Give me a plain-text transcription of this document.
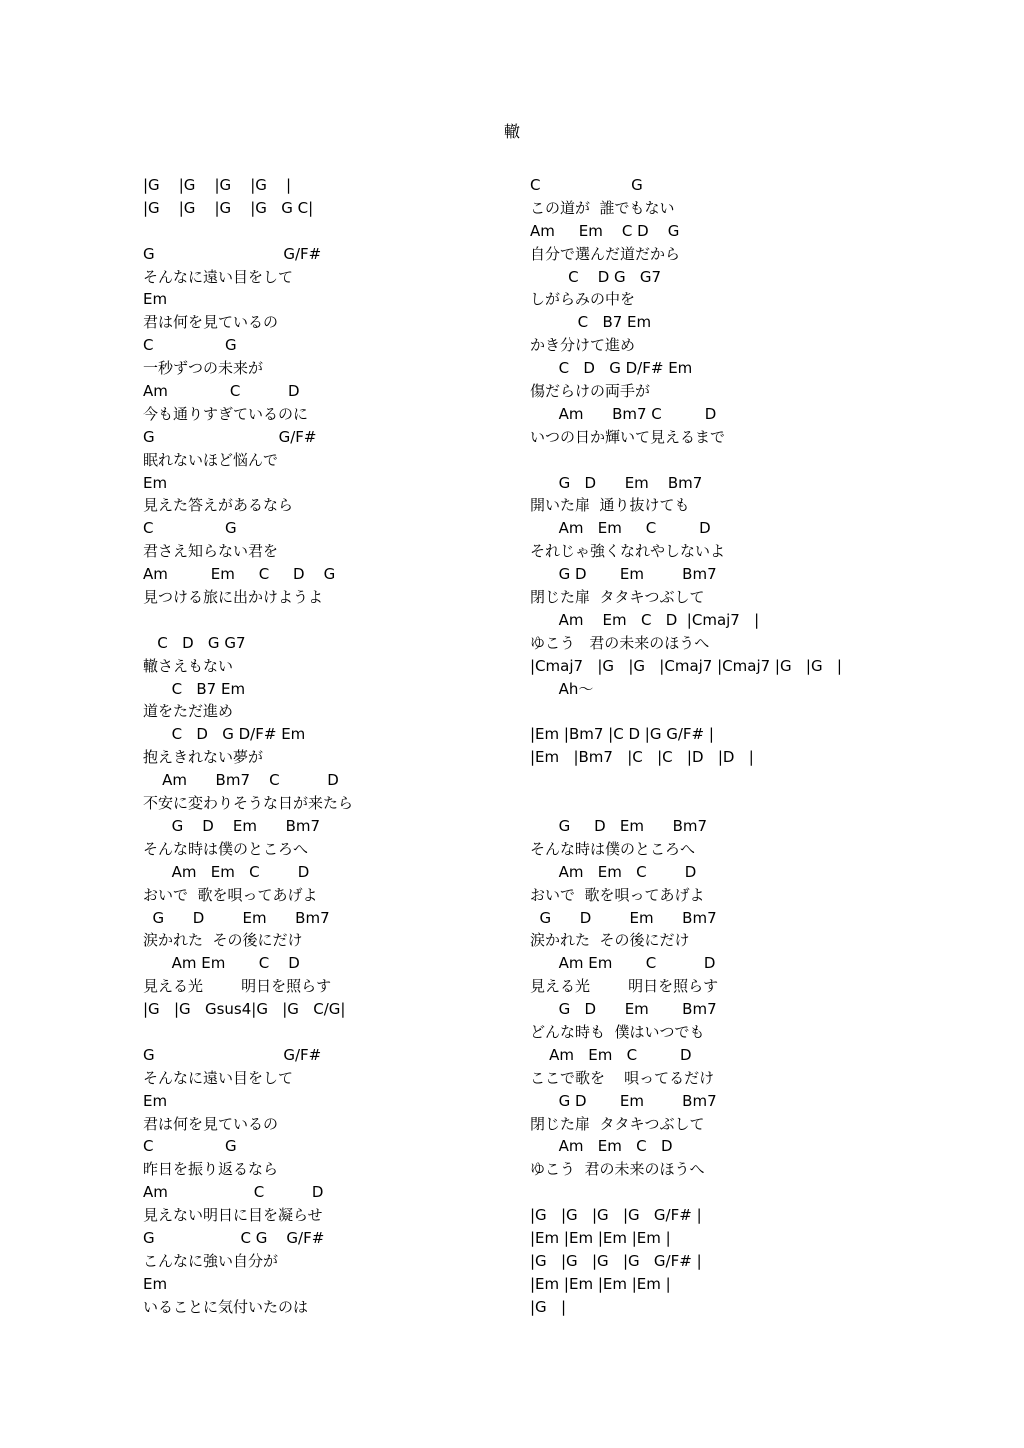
轍
|G    |G    |G    |G    |
|G    |G    |G    |G   G C|
G                           G/F#
そんなに遠い目をして
Em
君は何を見ているの
C               G
一秒ずつの未来が
Am             C          D
今も通りすぎているのに
G                          G/F#
眠れないほど悩んで
Em
見えた答えがあるなら
C               G
君さえ知らない君を
Am         Em     C     D    G
見つける旅に出かけようよ
C   D   G G7
轍さえもない
C   B7 Em
道をただ進め
C   D   G D/F# Em
抱えきれない夢が
Am      Bm7    C          D
不安に変わりそうな日が来たら
G    D    Em      Bm7
そんな時は僕のところへ
Am   Em   C        D
おいで  歌を唄ってあげよ
G      D        Em      Bm7
涙かれた  その後にだけ
Am Em       C    D
見える光        明日を照らす
|G   |G   Gsus4|G   |G   C/G|
G                           G/F#
そんなに遠い目をして
Em
君は何を見ているの
C               G
昨日を振り返るなら
Am                  C          D
見えない明日に目を凝らせ
G                  C G    G/F#
こんなに強い自分が
Em
いることに気付いたのは
C                   G
この道が  誰でもない
Am     Em    C D    G
自分で選んだ道だから
C    D G   G7
しがらみの中を
C   B7 Em
かき分けて進め
C   D   G D/F# Em
傷だらけの両手が
Am      Bm7 C         D
いつの日か輝いて見えるまで
G   D      Em    Bm7
開いた扉  通り抜けても
Am   Em     C         D
それじゃ強くなれやしないよ
G D       Em        Bm7
閉じた扉  タタキつぶして
Am    Em   C   D  |Cmaj7   |
ゆこう   君の未来のほうへ
|Cmaj7   |G   |G   |Cmaj7 |Cmaj7 |G   |G   |
Ah〜
|Em |Bm7 |C D |G G/F# |
|Em   |Bm7   |C   |C   |D   |D   |
G     D   Em      Bm7
そんな時は僕のところへ
Am   Em   C        D
おいで  歌を唄ってあげよ
G      D        Em      Bm7
涙かれた  その後にだけ
Am Em       C          D
見える光        明日を照らす
G   D      Em       Bm7
どんな時も  僕はいつでも
Am   Em   C         D
ここで歌を    唄ってるだけ
G D       Em        Bm7
閉じた扉  タタキつぶして
Am   Em   C   D
ゆこう  君の未来のほうへ
|G   |G   |G   |G   G/F# |
|Em |Em |Em |Em |
|G   |G   |G   |G   G/F# |
|Em |Em |Em |Em |
|G   |
